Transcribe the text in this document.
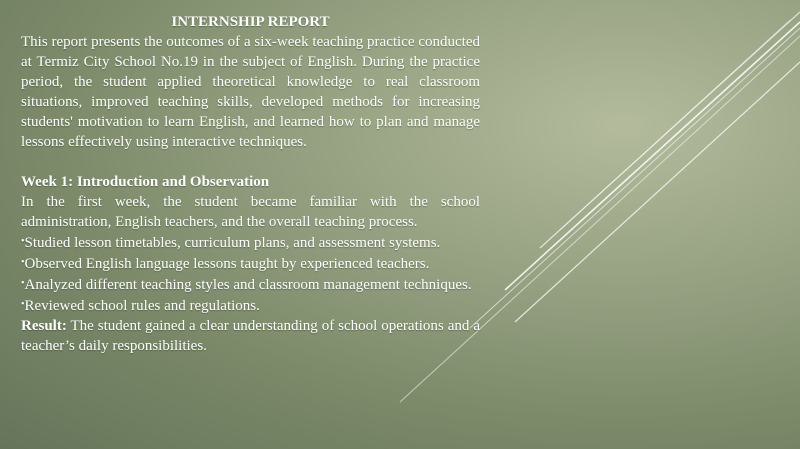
INTERNSHIP REPORT

This report presents the outcomes of a six-week teaching practice conducted at Termiz City School No.19 in the subject of English. During the practice period, the student applied theoretical knowledge to real classroom situations, improved teaching skills, developed methods for increasing students' motivation to learn English, and learned how to plan and manage lessons effectively using interactive techniques.

Week 1: Introduction and Observation

In the first week, the student became familiar with the school administration, English teachers, and the overall teaching process.

•Studied lesson timetables, curriculum plans, and assessment systems.

•Observed English language lessons taught by experienced teachers.

•Analyzed different teaching styles and classroom management techniques.

•Reviewed school rules and regulations.

Result: The student gained a clear understanding of school operations and a teacher’s daily responsibilities.
